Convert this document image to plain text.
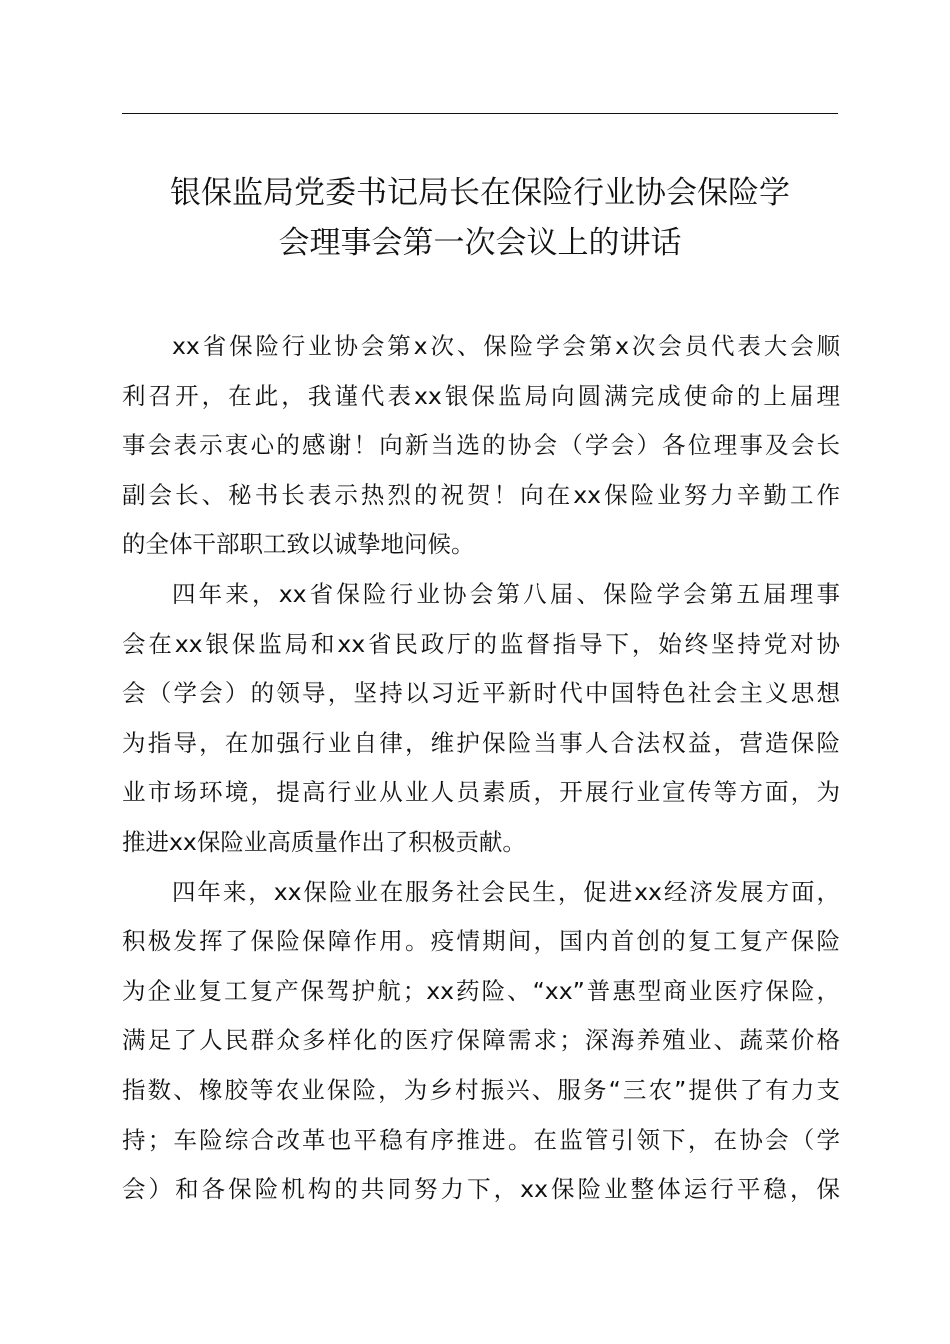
银保监局党委书记局长在保险行业协会保险学
会理事会第一次会议上的讲话
xx省保险行业协会第x次、保险学会第x次会员代表大会顺
利召开，在此，我谨代表xx银保监局向圆满完成使命的上届理
事会表示衷心的感谢！向新当选的协会（学会）各位理事及会长
副会长、秘书长表示热烈的祝贺！向在xx保险业努力辛勤工作
的全体干部职工致以诚挚地问候。
四年来，xx省保险行业协会第八届、保险学会第五届理事
会在xx银保监局和xx省民政厅的监督指导下，始终坚持党对协
会（学会）的领导，坚持以习近平新时代中国特色社会主义思想
为指导，在加强行业自律，维护保险当事人合法权益，营造保险
业市场环境，提高行业从业人员素质，开展行业宣传等方面，为
推进xx保险业高质量作出了积极贡献。
四年来，xx保险业在服务社会民生，促进xx经济发展方面，
积极发挥了保险保障作用。疫情期间，国内首创的复工复产保险
为企业复工复产保驾护航；xx药险、“xx”普惠型商业医疗保险，
满足了人民群众多样化的医疗保障需求；深海养殖业、蔬菜价格
指数、橡胶等农业保险，为乡村振兴、服务“三农”提供了有力支
持；车险综合改革也平稳有序推进。在监管引领下，在协会（学
会）和各保险机构的共同努力下，xx保险业整体运行平稳，保
